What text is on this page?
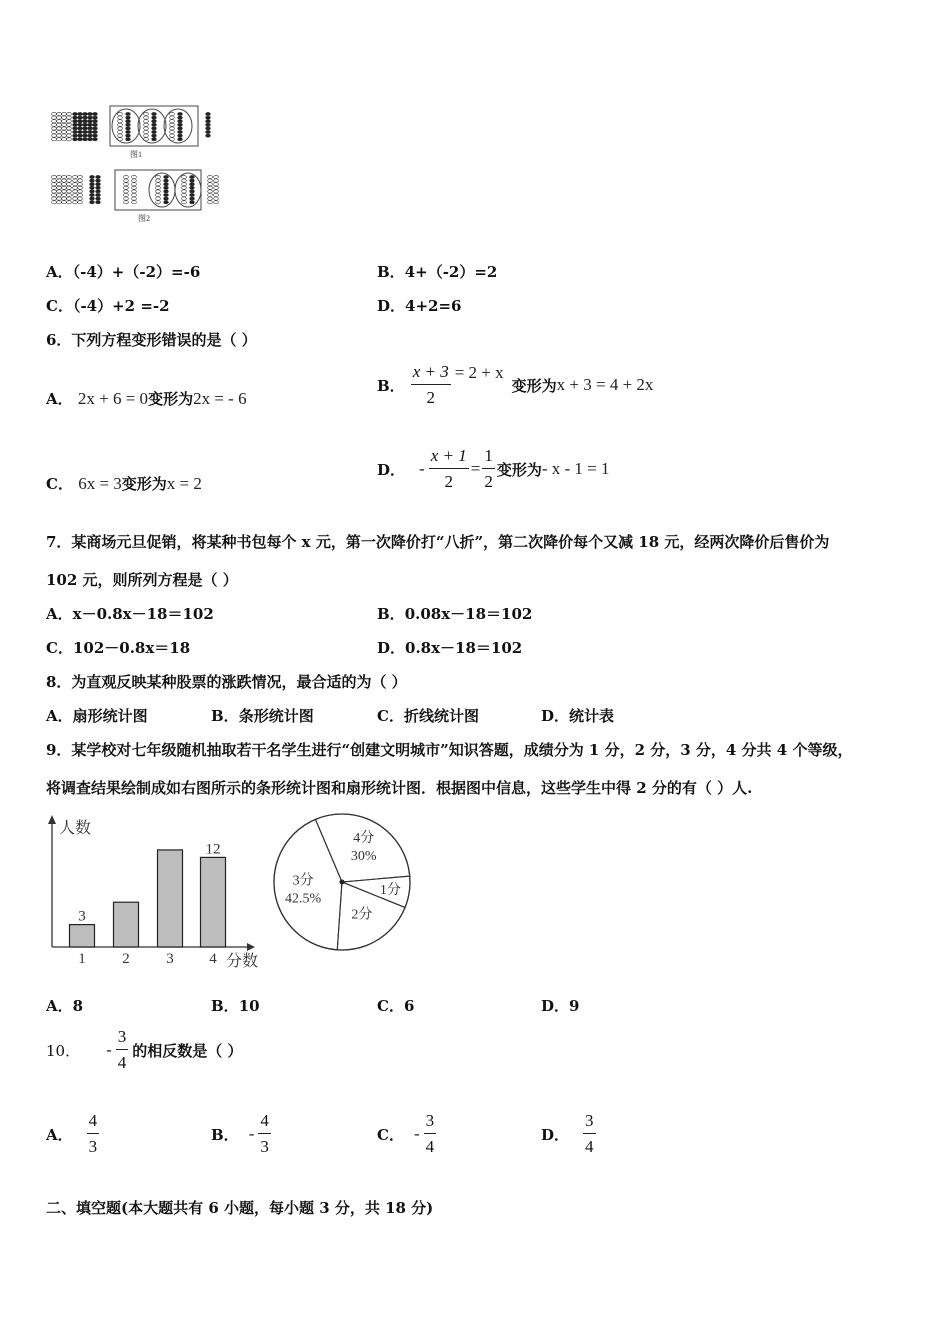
图1
图2
A．（-4）+（-2）=-6	B．4+（-2）=2
C．（-4）+2 =-2	D．4+2=6
6．下列方程变形错误的是（ ）
A． 2x + 6 = 0变形为2x = - 6
B． $\frac{x + 3}{2} = 2 + x$
变形为 x + 3 = 4 + 2x
C． 6x = 3变形为x = 2
D． - $\frac{x + 1}{2} = \frac{1}{2}$ 变形为 - x - 1 = 1
7．某商场元旦促销，将某种书包每个 x 元，第一次降价打“八折”，第二次降价每个又减 18 元，经两次降价后售价为
102 元，则所列方程是（ ）
A．x－0.8x－18＝102	B．0.08x－18＝102
C．102－0.8x＝18	D．0.8x－18＝102
8．为直观反映某种股票的涨跌情况，最合适的为（ ）
A．扇形统计图	B．条形统计图	C．折线统计图	D．统计表
9．某学校对七年级随机抽取若干名学生进行“创建文明城市”知识答题，成绩分为 1 分，2 分，3 分，4 分共 4 个等级，
将调查结果绘制成如右图所示的条形统计图和扇形统计图．根据图中信息，这些学生中得 2 分的有（ ）人.
人数
分数
1
3
2 3 4
12
4分
30%
1分
2分
3分
42.5%
A．8	B．10	C．6	D．9
10． - $\frac{3}{4}$ 的相反数是（ ）
A． $\frac{4}{3}$	B． - $\frac{4}{3}$	C． - $\frac{3}{4}$	D． $\frac{3}{4}$
二、填空题(本大题共有 6 小题，每小题 3 分，共 18 分)
